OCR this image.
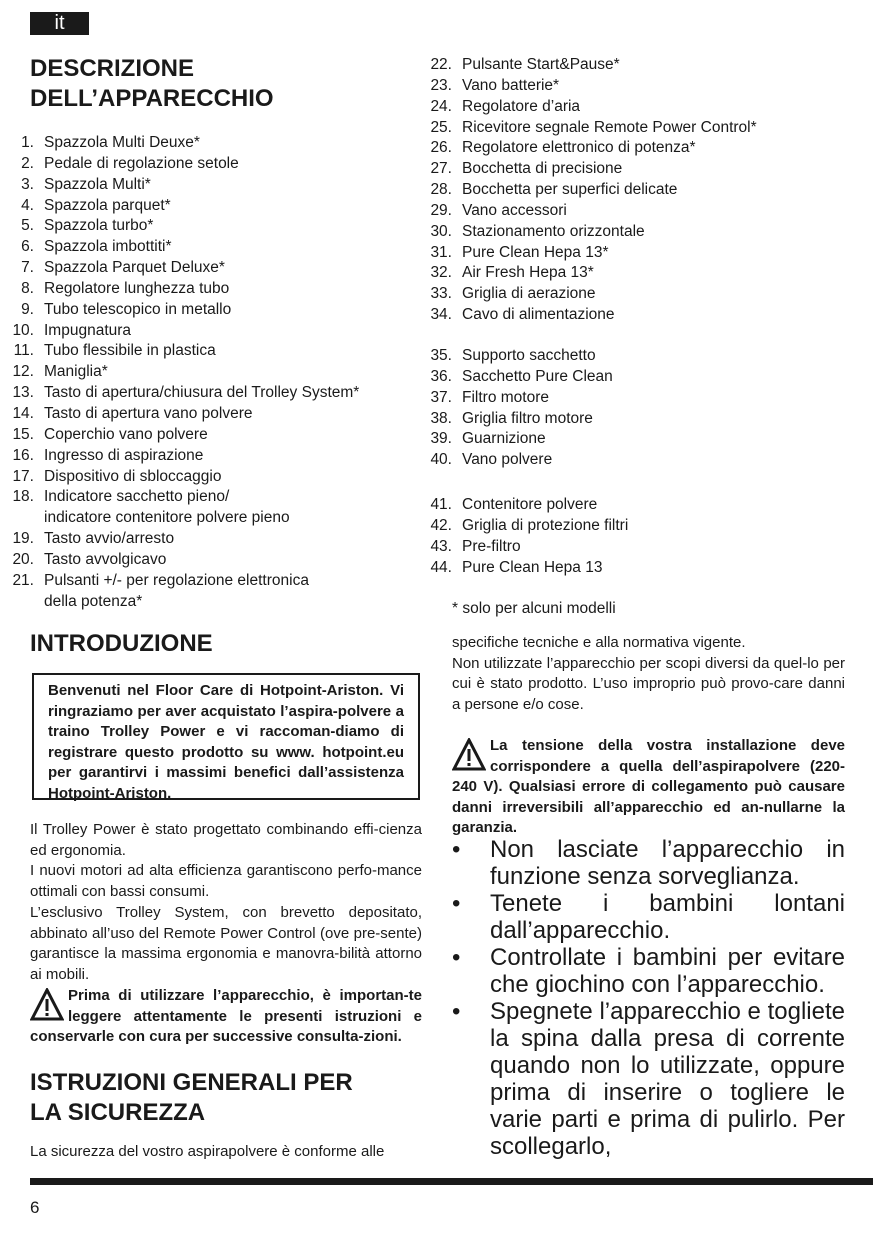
it
DESCRIZIONE
DELL’APPARECCHIO
1. Spazzola Multi Deuxe*
2. Pedale di regolazione setole
3. Spazzola Multi*
4. Spazzola parquet*
5. Spazzola turbo*
6. Spazzola imbottiti*
7. Spazzola Parquet Deluxe*
8. Regolatore lunghezza tubo
9. Tubo telescopico in metallo
10. Impugnatura
11. Tubo flessibile in plastica
12. Maniglia*
13. Tasto di apertura/chiusura del Trolley System*
14. Tasto di apertura vano polvere
15. Coperchio vano polvere
16. Ingresso di aspirazione
17. Dispositivo di sbloccaggio
18. Indicatore sacchetto pieno/
indicatore contenitore polvere pieno
19. Tasto avvio/arresto
20. Tasto avvolgicavo
21. Pulsanti +/- per regolazione elettronica
della potenza*
22. Pulsante Start&Pause*
23. Vano batterie*
24. Regolatore d’aria
25. Ricevitore segnale Remote Power Control*
26. Regolatore elettronico di potenza*
27. Bocchetta di precisione
28. Bocchetta per superfici delicate
29. Vano accessori
30. Stazionamento orizzontale
31. Pure Clean Hepa 13*
32. Air Fresh Hepa 13*
33. Griglia di aerazione
34. Cavo di alimentazione
35. Supporto sacchetto
36. Sacchetto Pure Clean
37. Filtro motore
38. Griglia filtro motore
39. Guarnizione
40. Vano polvere
41. Contenitore polvere
42. Griglia di protezione filtri
43. Pre-filtro
44. Pure Clean Hepa 13
* solo per alcuni modelli
INTRODUZIONE
Benvenuti nel Floor Care di Hotpoint-Ariston. Vi ringraziamo per aver acquistato l’aspira-polvere a traino Trolley Power e vi raccoman-diamo di registrare questo prodotto su www. hotpoint.eu per garantirvi i massimi benefici dall’assistenza Hotpoint-Ariston.
Il Trolley Power è stato progettato combinando effi-cienza ed ergonomia.
I nuovi motori ad alta efficienza garantiscono perfo-mance ottimali con bassi consumi.
L’esclusivo Trolley System, con brevetto depositato, abbinato all’uso del Remote Power Control (ove pre-sente) garantisce la massima ergonomia e manovra-bilità attorno ai mobili.
Prima di utilizzare l’apparecchio, è importan-te leggere attentamente le presenti istruzioni e conservarle con cura per successive consulta-zioni.
ISTRUZIONI GENERALI PER
LA SICUREZZA
La sicurezza del vostro aspirapolvere è conforme alle
specifiche tecniche e alla normativa vigente.
Non utilizzate l’apparecchio per scopi diversi da quel-lo per cui è stato prodotto. L’uso improprio può provo-care danni a persone e/o cose.
La tensione della vostra installazione deve corrispondere a quella dell’aspirapolvere (220-240 V). Qualsiasi errore di collegamento può causare danni irreversibili all’apparecchio ed an-nullarne la garanzia.
•	Non lasciate l’apparecchio in funzione senza sorveglianza.
•	Tenete i bambini lontani dall’apparecchio.
•	Controllate i bambini per evitare che giochino con l’apparecchio.
•	Spegnete l’apparecchio e togliete la spina dalla presa di corrente quando non lo utilizzate, oppure prima di inserire o togliere le varie parti e prima di pulirlo. Per scollegarlo,
6
